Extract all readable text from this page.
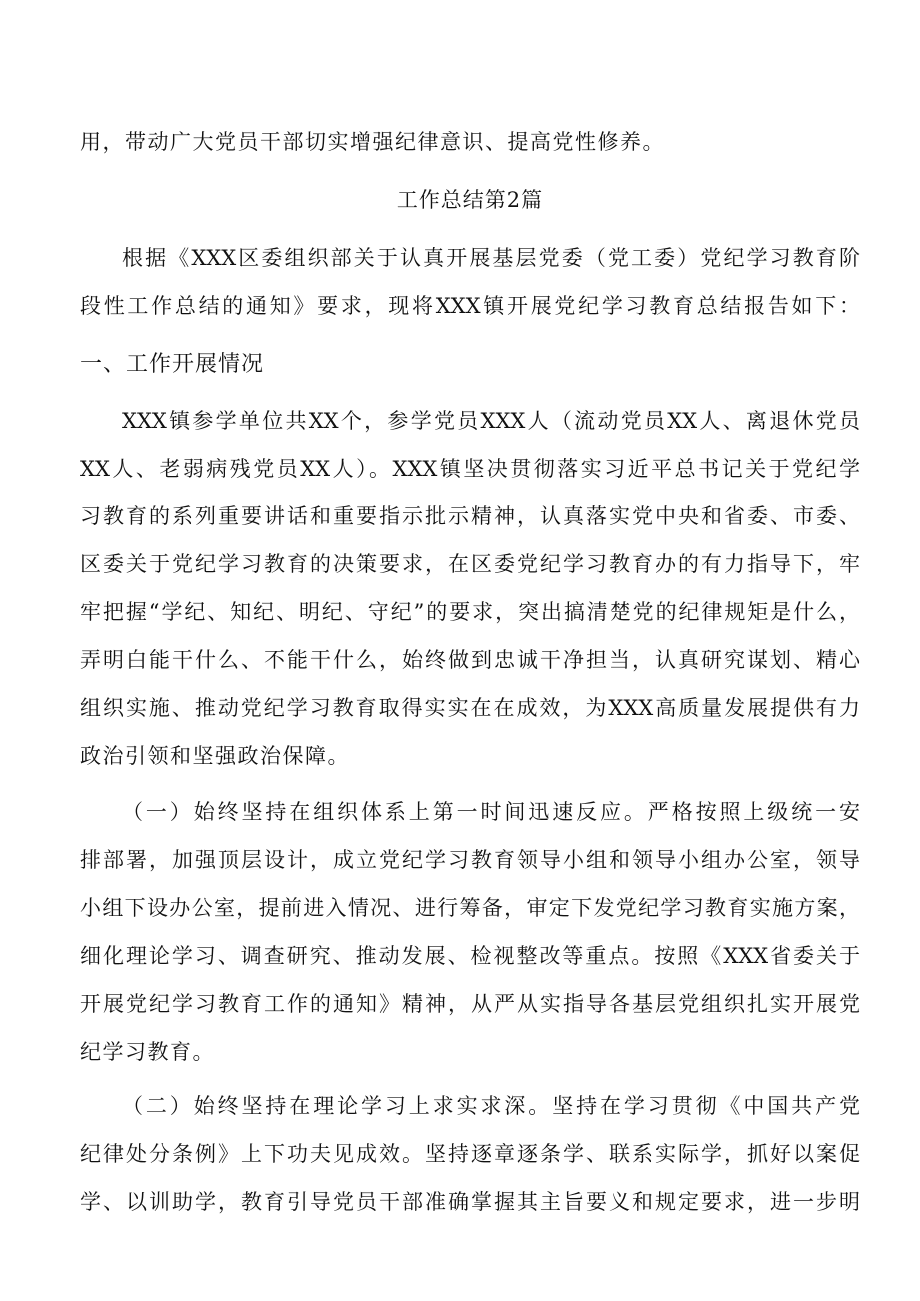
用，带动广大党员干部切实增强纪律意识、提高党性修养。
工作总结第2篇
根据《XXX区委组织部关于认真开展基层党委（党工委）党纪学习教育阶
段性工作总结的通知》要求，现将XXX镇开展党纪学习教育总结报告如下：
一、工作开展情况
XXX镇参学单位共XX个，参学党员XXX人（流动党员XX人、离退休党员
XX人、老弱病残党员XX人）。XXX镇坚决贯彻落实习近平总书记关于党纪学
习教育的系列重要讲话和重要指示批示精神，认真落实党中央和省委、市委、
区委关于党纪学习教育的决策要求，在区委党纪学习教育办的有力指导下，牢
牢把握“学纪、知纪、明纪、守纪”的要求，突出搞清楚党的纪律规矩是什么，
弄明白能干什么、不能干什么，始终做到忠诚干净担当，认真研究谋划、精心
组织实施、推动党纪学习教育取得实实在在成效，为XXX高质量发展提供有力
政治引领和坚强政治保障。
（一）始终坚持在组织体系上第一时间迅速反应。严格按照上级统一安
排部署，加强顶层设计，成立党纪学习教育领导小组和领导小组办公室，领导
小组下设办公室，提前进入情况、进行筹备，审定下发党纪学习教育实施方案，
细化理论学习、调查研究、推动发展、检视整改等重点。按照《XXX省委关于
开展党纪学习教育工作的通知》精神，从严从实指导各基层党组织扎实开展党
纪学习教育。
（二）始终坚持在理论学习上求实求深。坚持在学习贯彻《中国共产党
纪律处分条例》上下功夫见成效。坚持逐章逐条学、联系实际学，抓好以案促
学、以训助学，教育引导党员干部准确掌握其主旨要义和规定要求，进一步明
